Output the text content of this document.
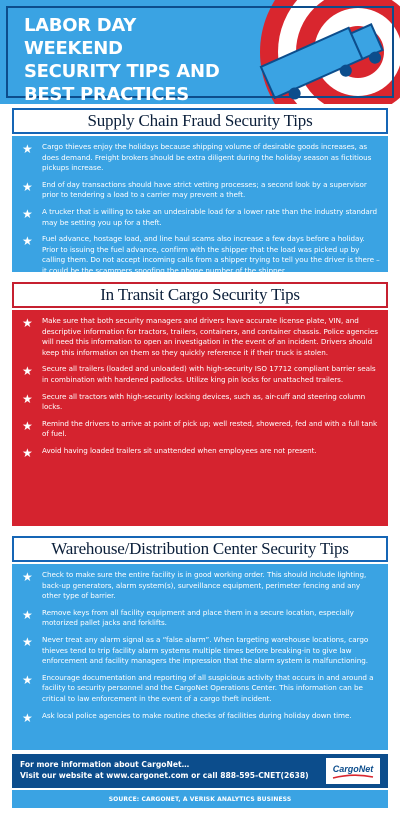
LABOR DAY WEEKEND
SECURITY TIPS AND
BEST PRACTICES
Supply Chain Fraud Security Tips
★	Cargo thieves enjoy the holidays because shipping volume of desirable goods increases, as does demand. Freight brokers should be extra diligent during the holiday season as fictitious pickups increase.
★	End of day transactions should have strict vetting processes; a second look by a supervisor prior to tendering a load to a carrier may prevent a theft.
★	A trucker that is willing to take an undesirable load for a lower rate than the industry standard may be setting you up for a theft.
★	Fuel advance, hostage load, and line haul scams also increase a few days before a holiday. Prior to issuing the fuel advance, confirm with the shipper that the load was picked up by calling them. Do not accept incoming calls from a shipper trying to tell you the driver is there – it could be the scammers spoofing the phone number of the shipper.
In Transit Cargo Security Tips
★	Make sure that both security managers and drivers have accurate license plate, VIN, and descriptive information for tractors, trailers, containers, and container chassis. Police agencies will need this information to open an investigation in the event of an incident. Drivers should keep this information on them so they quickly reference it if their truck is stolen.
★	Secure all trailers (loaded and unloaded) with high-security ISO 17712 compliant barrier seals in combination with hardened padlocks. Utilize king pin locks for unattached trailers.
★	Secure all tractors with high-security locking devices, such as, air-cuff and steering column locks.
★	Remind the drivers to arrive at point of pick up; well rested, showered, fed and with a full tank of fuel.
★	Avoid having loaded trailers sit unattended when employees are not present.
Warehouse/Distribution Center Security Tips
★	Check to make sure the entire facility is in good working order. This should include lighting, back-up generators, alarm system(s), surveillance equipment, perimeter fencing and any other type of barrier.
★	Remove keys from all facility equipment and place them in a secure location, especially motorized pallet jacks and forklifts.
★	Never treat any alarm signal as a “false alarm”. When targeting warehouse locations, cargo thieves tend to trip facility alarm systems multiple times before breaking-in to give law enforcement and facility managers the impression that the alarm system is malfunctioning.
★	Encourage documentation and reporting of all suspicious activity that occurs in and around a facility to security personnel and the CargoNet Operations Center. This information can be critical to law enforcement in the event of a cargo theft incident.
★	Ask local police agencies to make routine checks of facilities during holiday down time.
For more information about CargoNet…
Visit our website at www.cargonet.com or call 888-595-CNET(2638)
CargoNet
SOURCE: CARGONET, A VERISK ANALYTICS BUSINESS
